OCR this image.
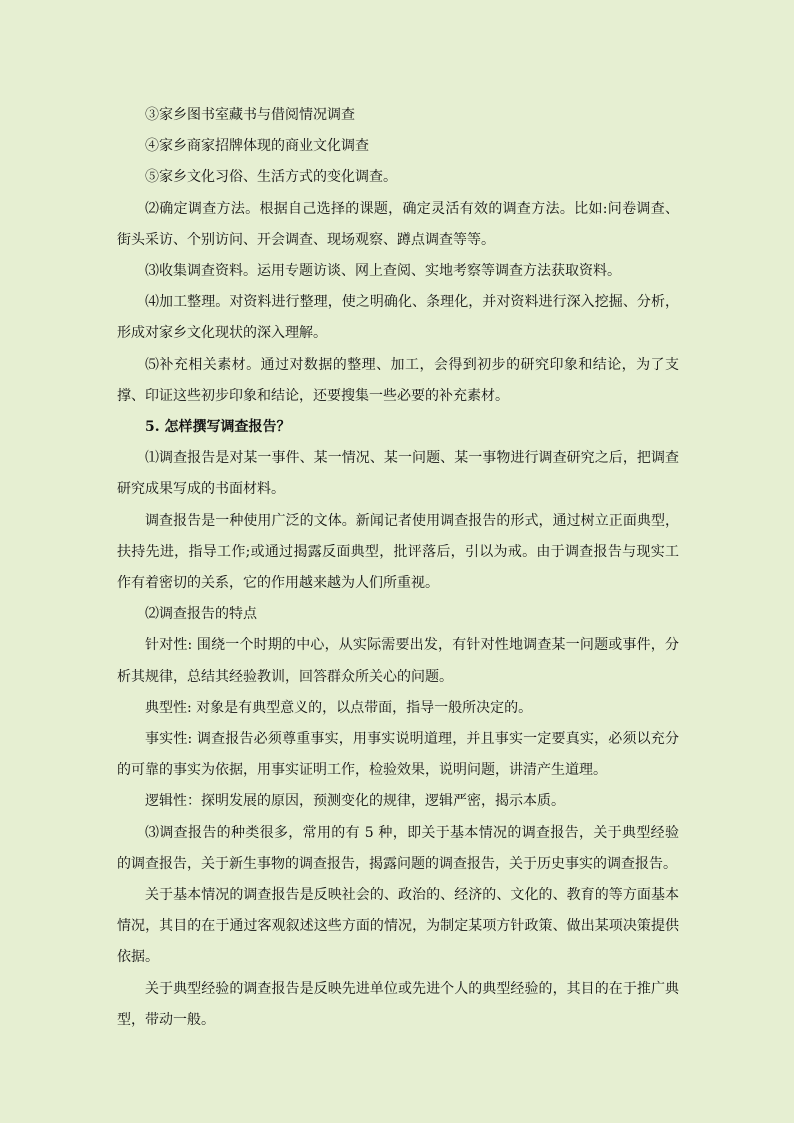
③家乡图书室藏书与借阅情况调查

④家乡商家招牌体现的商业文化调查

⑤家乡文化习俗、生活方式的变化调查。

⑵确定调查方法。根据自己选择的课题，确定灵活有效的调查方法。比如:问卷调查、街头采访、个别访问、开会调查、现场观察、蹲点调查等等。

⑶收集调查资料。运用专题访谈、网上查阅、实地考察等调查方法获取资料。

⑷加工整理。对资料进行整理，使之明确化、条理化，并对资料进行深入挖掘、分析，形成对家乡文化现状的深入理解。

⑸补充相关素材。通过对数据的整理、加工，会得到初步的研究印象和结论，为了支撑、印证这些初步印象和结论，还要搜集一些必要的补充素材。

5. 怎样撰写调查报告？

⑴调查报告是对某一事件、某一情况、某一问题、某一事物进行调查研究之后，把调查研究成果写成的书面材料。

调查报告是一种使用广泛的文体。新闻记者使用调查报告的形式，通过树立正面典型，扶持先进，指导工作;或通过揭露反面典型，批评落后，引以为戒。由于调查报告与现实工作有着密切的关系，它的作用越来越为人们所重视。

⑵调查报告的特点

针对性: 围绕一个时期的中心，从实际需要出发，有针对性地调查某一问题或事件，分析其规律，总结其经验教训，回答群众所关心的问题。

典型性: 对象是有典型意义的，以点带面，指导一般所决定的。

事实性: 调查报告必须尊重事实，用事实说明道理，并且事实一定要真实，必须以充分的可靠的事实为依据，用事实证明工作，检验效果，说明问题，讲清产生道理。

逻辑性：探明发展的原因，预测变化的规律，逻辑严密，揭示本质。

⑶调查报告的种类很多，常用的有 5 种，即关于基本情况的调查报告，关于典型经验的调查报告，关于新生事物的调查报告，揭露问题的调查报告，关于历史事实的调查报告。

关于基本情况的调查报告是反映社会的、政治的、经济的、文化的、教育的等方面基本情况，其目的在于通过客观叙述这些方面的情况，为制定某项方针政策、做出某项决策提供依据。

关于典型经验的调查报告是反映先进单位或先进个人的典型经验的，其目的在于推广典型，带动一般。
